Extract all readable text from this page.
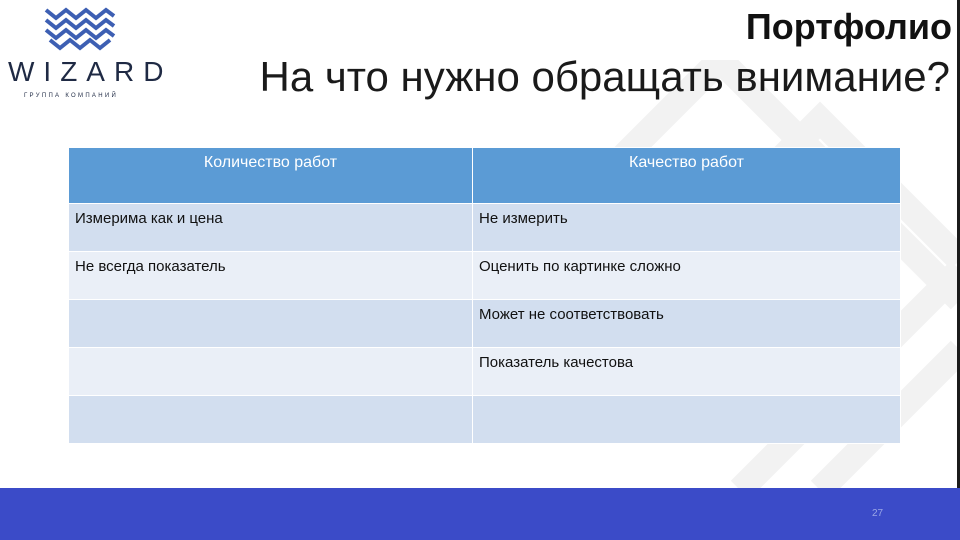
WIZARD
ГРУППА КОМПАНИЙ
Портфолио
На что нужно обращать внимание?
Количество работ	Качество работ
Измерима как и цена	Не измерить
Не всегда показатель	Оценить по картинке сложно
	Может не соответствовать
	Показатель качестова

27
